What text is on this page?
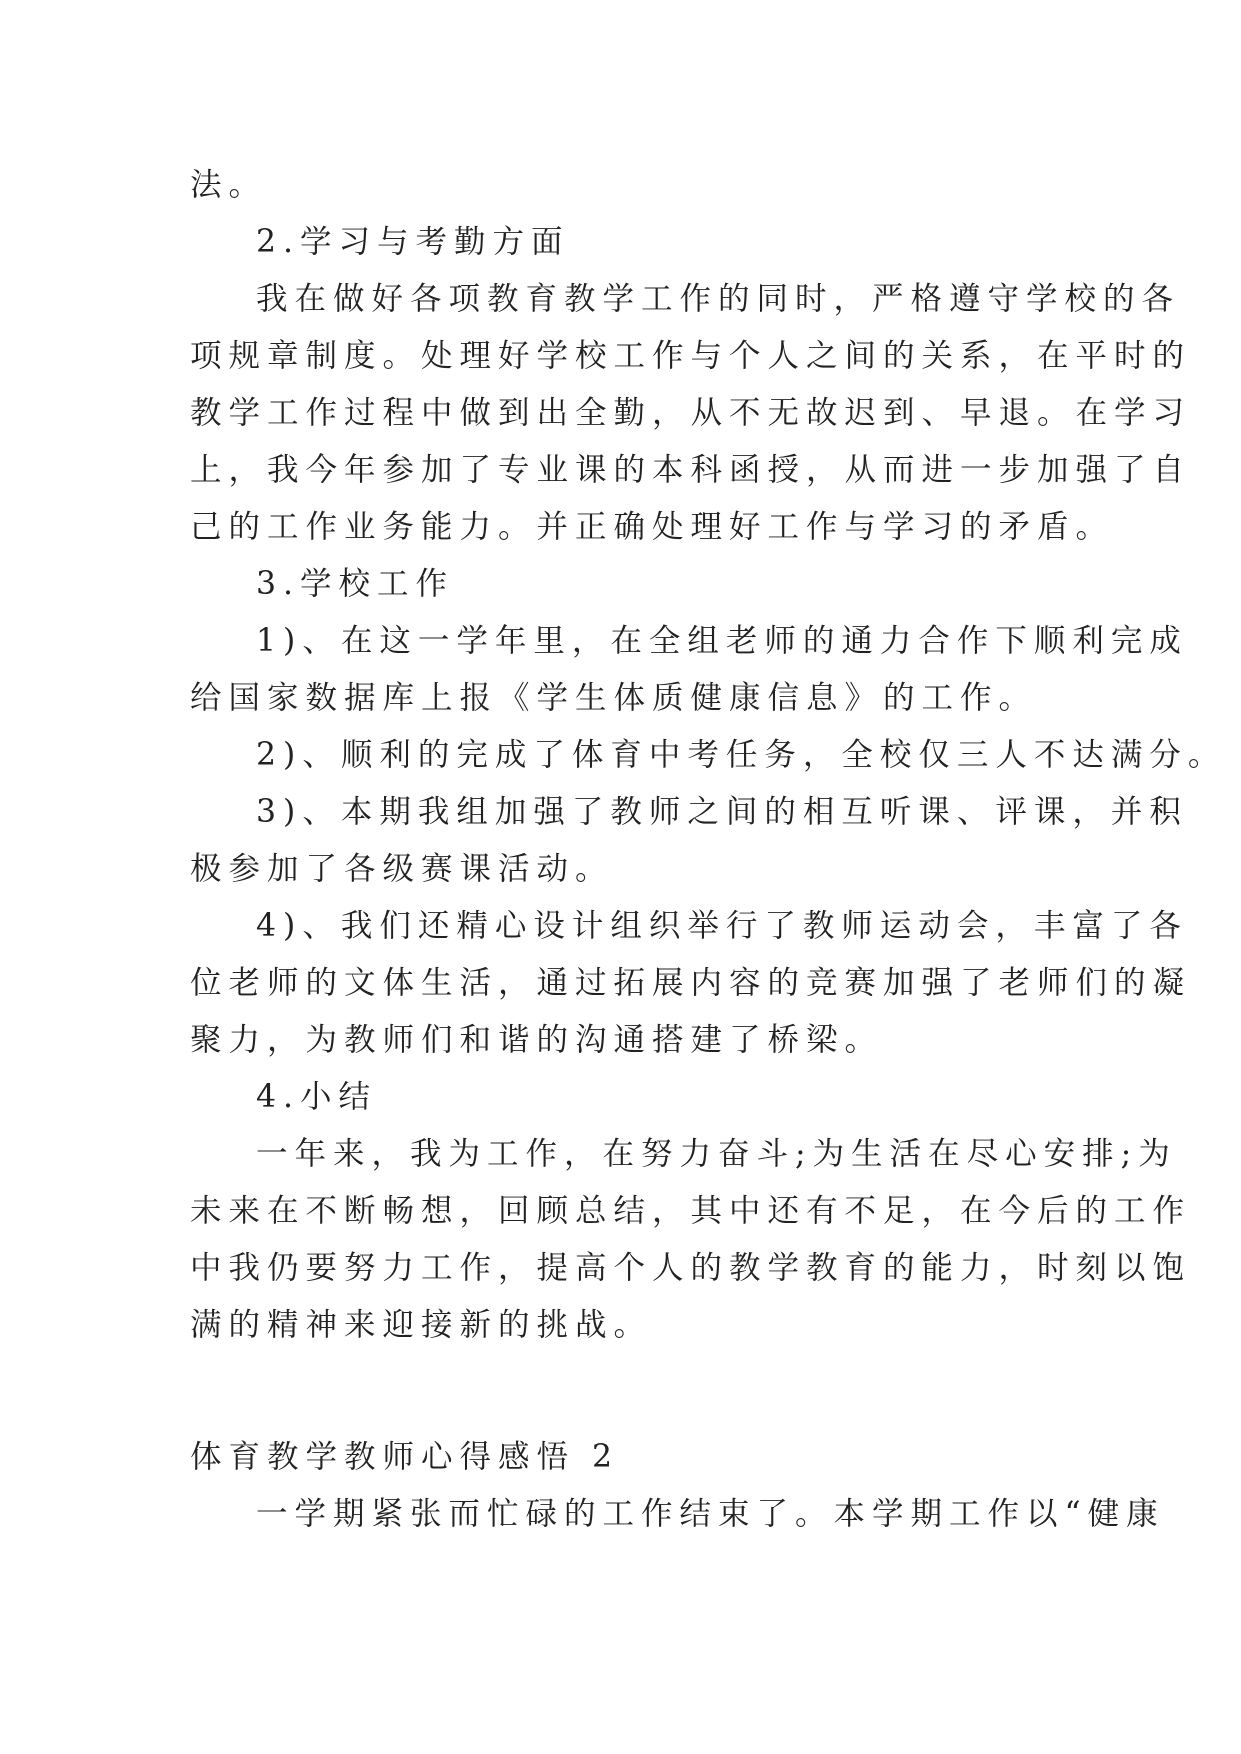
法。
2.学习与考勤方面
我在做好各项教育教学工作的同时，严格遵守学校的各
项规章制度。处理好学校工作与个人之间的关系，在平时的
教学工作过程中做到出全勤，从不无故迟到、早退。在学习
上，我今年参加了专业课的本科函授，从而进一步加强了自
己的工作业务能力。并正确处理好工作与学习的矛盾。
3.学校工作
1)、在这一学年里，在全组老师的通力合作下顺利完成
给国家数据库上报《学生体质健康信息》的工作。
2)、顺利的完成了体育中考任务，全校仅三人不达满分。
3)、本期我组加强了教师之间的相互听课、评课，并积
极参加了各级赛课活动。
4)、我们还精心设计组织举行了教师运动会，丰富了各
位老师的文体生活，通过拓展内容的竞赛加强了老师们的凝
聚力，为教师们和谐的沟通搭建了桥梁。
4.小结
一年来，我为工作，在努力奋斗;为生活在尽心安排;为
未来在不断畅想，回顾总结，其中还有不足，在今后的工作
中我仍要努力工作，提高个人的教学教育的能力，时刻以饱
满的精神来迎接新的挑战。
体育教学教师心得感悟 2
一学期紧张而忙碌的工作结束了。本学期工作以“健康
